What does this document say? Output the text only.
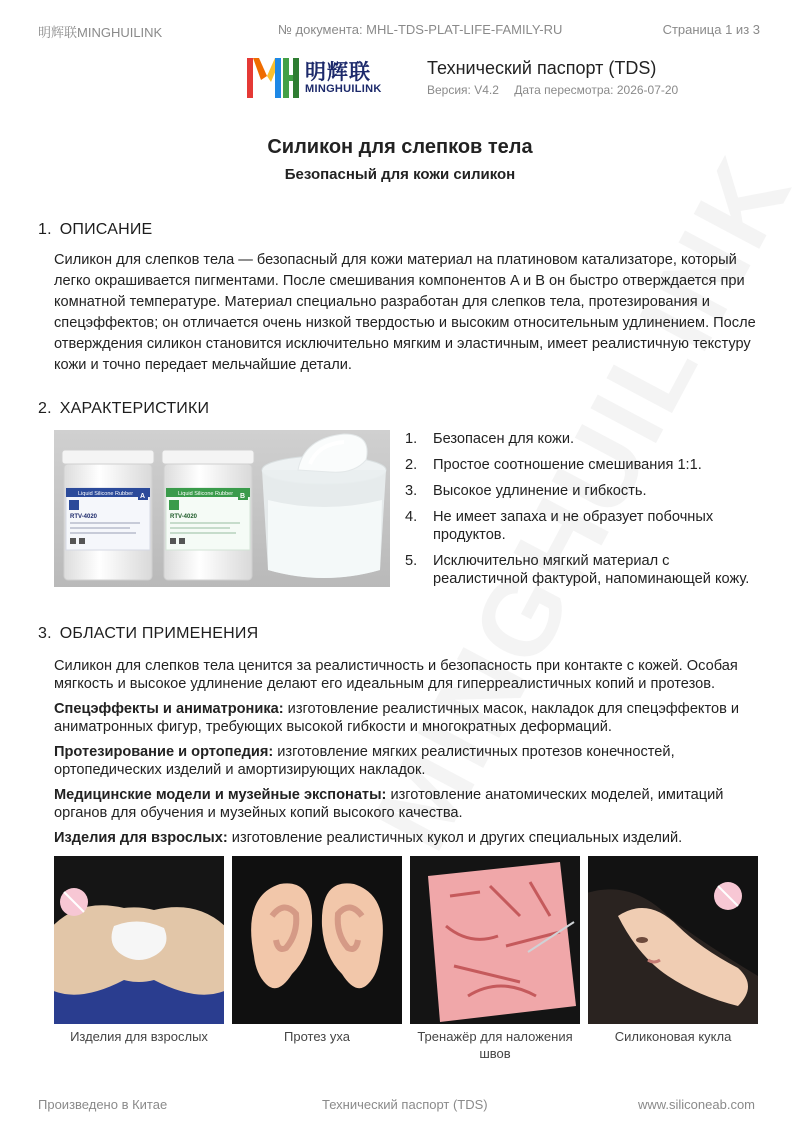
明辉联MINGHUILINK	№ документа: MHL-TDS-PLAT-LIFE-FAMILY-RU	Страница 1 из 3
明辉联
MINGHUILINK
Технический паспорт (TDS)
Версия: V4.2 Дата пересмотра: 2026-07-20
Силикон для слепков тела
Безопасный для кожи силикон
1. ОПИСАНИЕ

Силикон для слепков тела — безопасный для кожи материал на платиновом катализаторе, который легко окрашивается пигментами. После смешивания компонентов A и B он быстро отверждается при комнатной температуре. Материал специально разработан для слепков тела, протезирования и спецэффектов; он отличается очень низкой твердостью и высоким относительным удлинением. После отверждения силикон становится исключительно мягким и эластичным, имеет реалистичную текстуру кожи и точно передает мельчайшие детали.

2. ХАРАКТЕРИСТИКИ
Liquid Silicone Rubber A
RTV-4020
Liquid Silicone Rubber B
RTV-4020
1. Безопасен для кожи.
2. Простое соотношение смешивания 1:1.
3. Высокое удлинение и гибкость.
4. Не имеет запаха и не образует побочных продуктов.
5. Исключительно мягкий материал с реалистичной фактурой, напоминающей кожу.
3. ОБЛАСТИ ПРИМЕНЕНИЯ

Силикон для слепков тела ценится за реалистичность и безопасность при контакте с кожей. Особая мягкость и высокое удлинение делают его идеальным для гиперреалистичных копий и протезов.

Спецэффекты и аниматроника: изготовление реалистичных масок, накладок для спецэффектов и аниматронных фигур, требующих высокой гибкости и многократных деформаций.

Протезирование и ортопедия: изготовление мягких реалистичных протезов конечностей, ортопедических изделий и амортизирующих накладок.

Медицинские модели и музейные экспонаты: изготовление анатомических моделей, имитаций органов для обучения и музейных копий высокого качества.

Изделия для взрослых: изготовление реалистичных кукол и других специальных изделий.

Изделия для взрослых	Протез уха	Тренажёр для наложения швов
Силиконовая кукла
Произведено в Китае	Технический паспорт (TDS)	www.siliconeab.com
